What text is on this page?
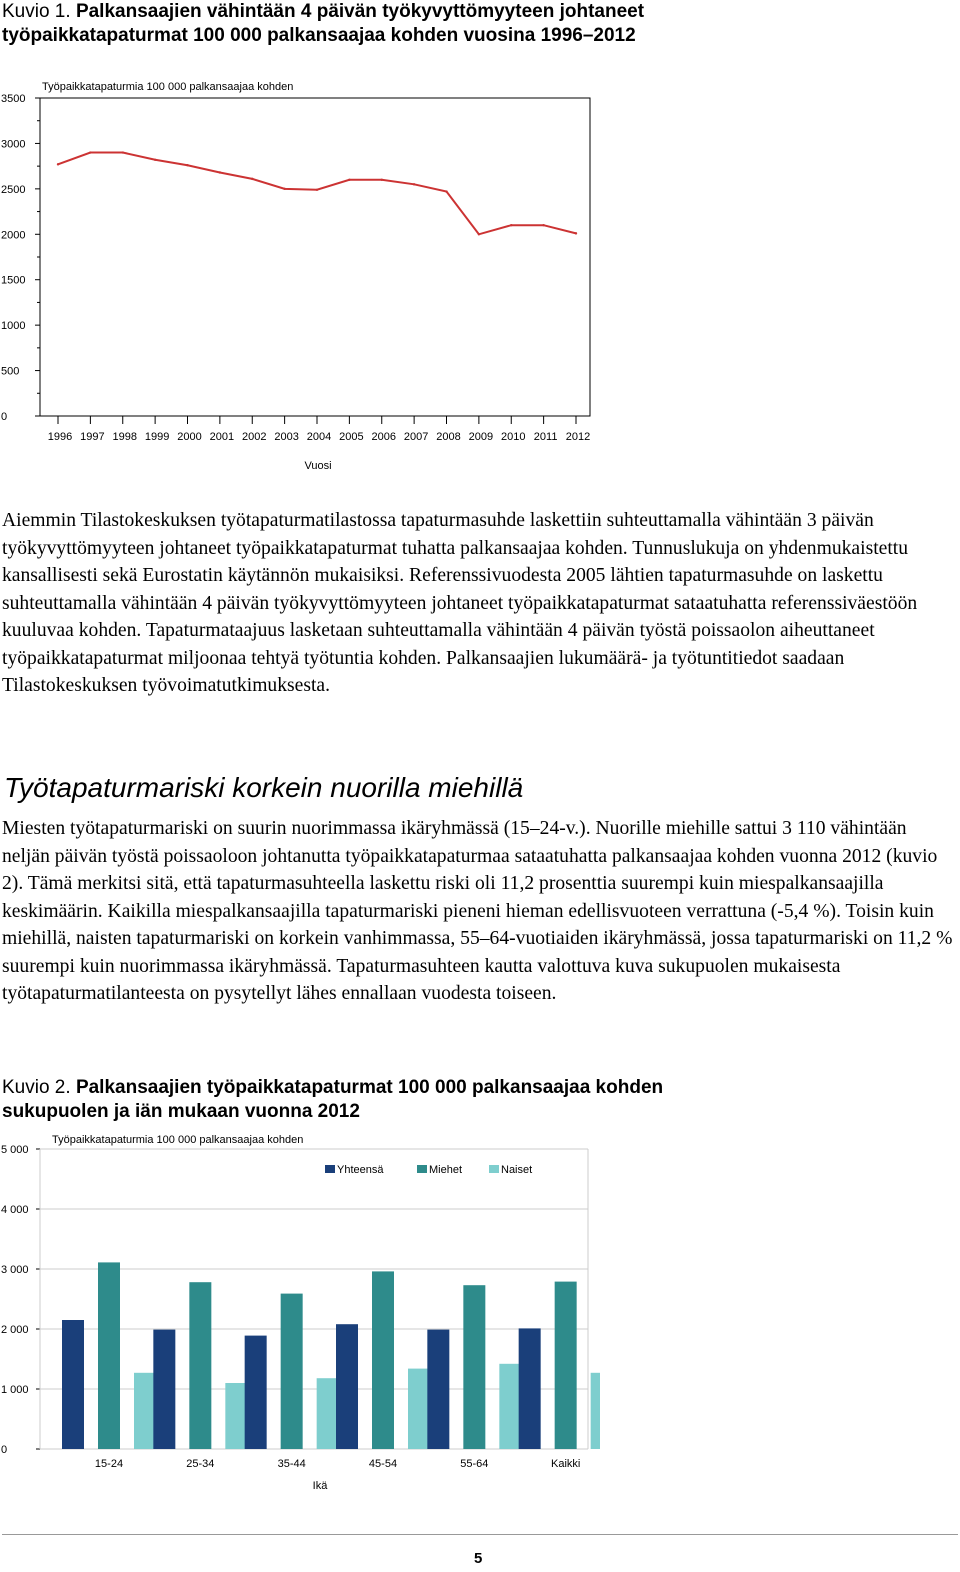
Kuvio 1. Palkansaajien vähintään 4 päivän työkyvyttömyyteen johtaneet työpaikkatapaturmat 100 000 palkansaajaa kohden vuosina 1996–2012

Työpaikkatapaturmia 100 000 palkansaajaa kohden
0
500
1000
1500
2000
2500
3000
3500
1996 1997 1998 1999 2000 2001 2002 2003 2004 2005 2006 2007 2008 2009 2010 2011 2012
Vuosi

Aiemmin Tilastokeskuksen työtapaturmatilastossa tapaturmasuhde laskettiin suhteuttamalla vähintään 3 päivän työkyvyttömyyteen johtaneet työpaikkatapaturmat tuhatta palkansaajaa kohden. Tunnuslukuja on yhdenmukaistettu kansallisesti sekä Eurostatin käytännön mukaisiksi. Referenssivuodesta 2005 lähtien tapaturmasuhde on laskettu suhteuttamalla vähintään 4 päivän työkyvyttömyyteen johtaneet työpaikkatapaturmat sataatuhatta referenssiväestöön kuuluvaa kohden. Tapaturmataajuus lasketaan suhteuttamalla vähintään 4 päivän työstä poissaolon aiheuttaneet työpaikkatapaturmat miljoonaa tehtyä työtuntia kohden. Palkansaajien lukumäärä- ja työtuntitiedot saadaan Tilastokeskuksen työvoimatutkimuksesta.

Työtapaturmariski korkein nuorilla miehillä

Miesten työtapaturmariski on suurin nuorimmassa ikäryhmässä (15–24-v.). Nuorille miehille sattui 3 110 vähintään neljän päivän työstä poissaoloon johtanutta työpaikkatapaturmaa sataatuhatta palkansaajaa kohden vuonna 2012 (kuvio 2). Tämä merkitsi sitä, että tapaturmasuhteella laskettu riski oli 11,2 prosenttia suurempi kuin miespalkansaajilla keskimäärin. Kaikilla miespalkansaajilla tapaturmariski pieneni hieman edellisvuoteen verrattuna (-5,4 %). Toisin kuin miehillä, naisten tapaturmariski on korkein vanhimmassa, 55–64-vuotiaiden ikäryhmässä, jossa tapaturmariski on 11,2 % suurempi kuin nuorimmassa ikäryhmässä. Tapaturmasuhteen kautta valottuva kuva sukupuolen mukaisesta työtapaturmatilanteesta on pysytellyt lähes ennallaan vuodesta toiseen.

Kuvio 2. Palkansaajien työpaikkatapaturmat 100 000 palkansaajaa kohden sukupuolen ja iän mukaan vuonna 2012

Työpaikkatapaturmia 100 000 palkansaajaa kohden
0
1 000
2 000
3 000
4 000
5 000
15-24	25-34	35-44	45-54	55-64	Kaikki
Yhteensä	Miehet	Naiset
Ikä
5
